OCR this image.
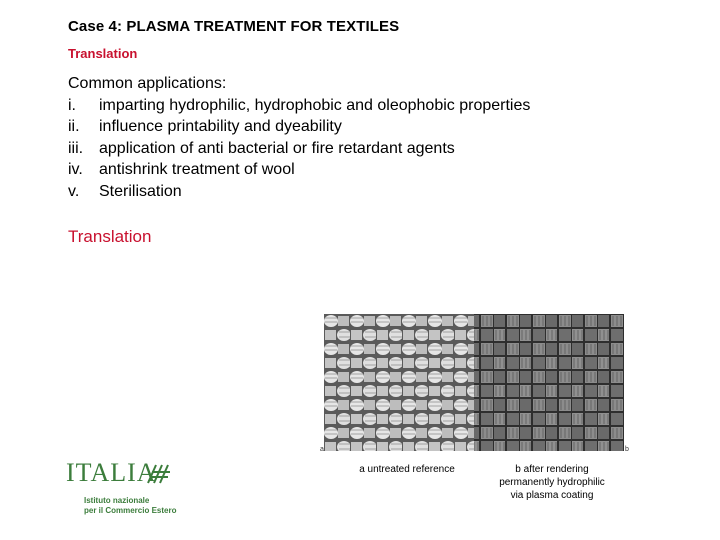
Case 4: PLASMA TREATMENT FOR TEXTILES
Translation
Common applications:
i.	imparting hydrophilic, hydrophobic and oleophobic properties
ii.	influence printability and dyeability
iii. application of anti bacterial or fire retardant agents
iv.	antishrink treatment of wool
v.	Sterilisation
Translation
a	b
a untreated reference	b after rendering
permanently hydrophilic
via plasma coating
ITALIA
Istituto nazionale
per il Commercio Estero
